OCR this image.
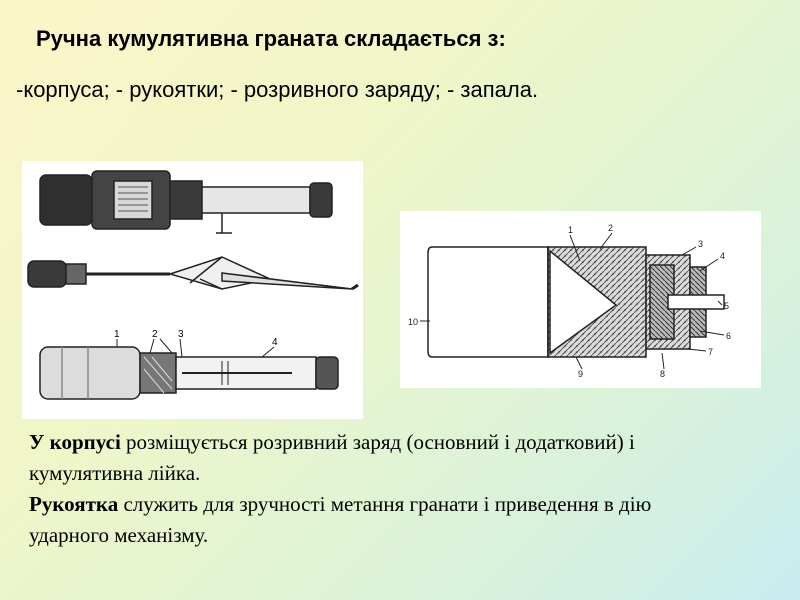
Ручна кумулятивна граната складається з:
-корпуса; - рукоятки; - розривного заряду; - запала.
1	2 3
4
1	2
3
4
5
6
7
8
9
10

У корпусі розміщується розривний заряд (основний і додатковий) і кумулятивна лійка.

Рукоятка служить для зручності метання гранати і приведення в дію ударного механізму.
